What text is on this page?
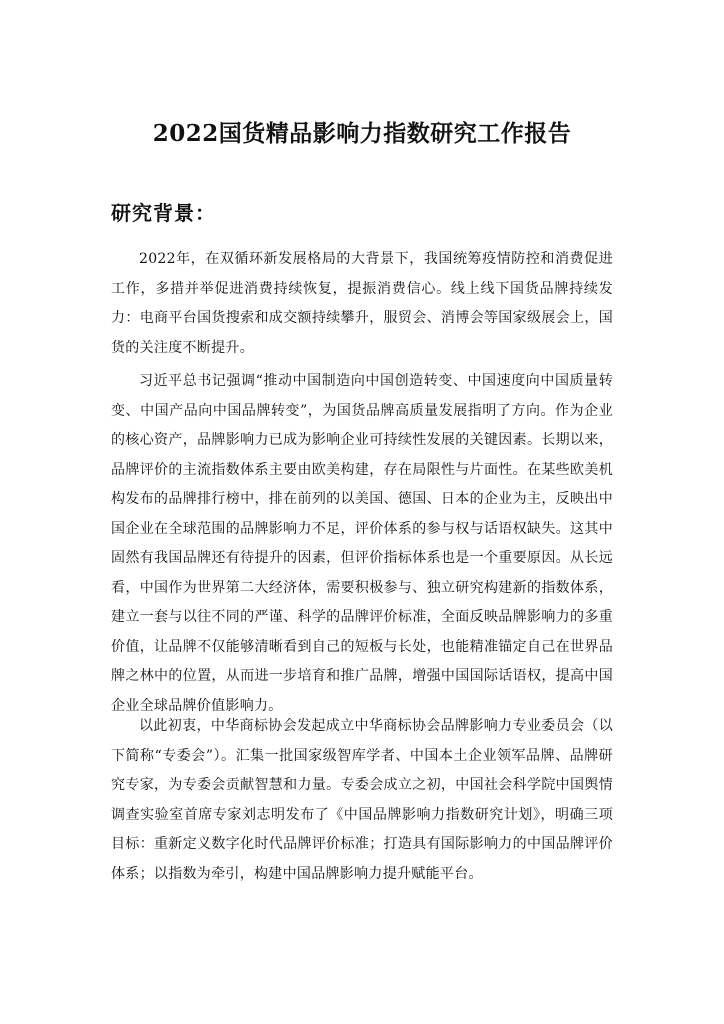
2022国货精品影响力指数研究工作报告
研究背景：

2022年，在双循环新发展格局的大背景下，我国统筹疫情防控和消费促进工作，多措并举促进消费持续恢复，提振消费信心。线上线下国货品牌持续发力：电商平台国货搜索和成交额持续攀升，服贸会、消博会等国家级展会上，国货的关注度不断提升。

习近平总书记强调“推动中国制造向中国创造转变、中国速度向中国质量转变、中国产品向中国品牌转变”，为国货品牌高质量发展指明了方向。作为企业的核心资产，品牌影响力已成为影响企业可持续性发展的关键因素。长期以来，品牌评价的主流指数体系主要由欧美构建，存在局限性与片面性。在某些欧美机构发布的品牌排行榜中，排在前列的以美国、德国、日本的企业为主，反映出中国企业在全球范围的品牌影响力不足，评价体系的参与权与话语权缺失。这其中固然有我国品牌还有待提升的因素，但评价指标体系也是一个重要原因。从长远看，中国作为世界第二大经济体，需要积极参与、独立研究构建新的指数体系，建立一套与以往不同的严谨、科学的品牌评价标准，全面反映品牌影响力的多重价值，让品牌不仅能够清晰看到自己的短板与长处，也能精准锚定自己在世界品牌之林中的位置，从而进一步培育和推广品牌，增强中国国际话语权，提高中国企业全球品牌价值影响力。

以此初衷，中华商标协会发起成立中华商标协会品牌影响力专业委员会（以下简称“专委会”）。汇集一批国家级智库学者、中国本土企业领军品牌、品牌研究专家，为专委会贡献智慧和力量。专委会成立之初，中国社会科学院中国舆情调查实验室首席专家刘志明发布了《中国品牌影响力指数研究计划》，明确三项目标：重新定义数字化时代品牌评价标准；打造具有国际影响力的中国品牌评价体系；以指数为牵引，构建中国品牌影响力提升赋能平台。
